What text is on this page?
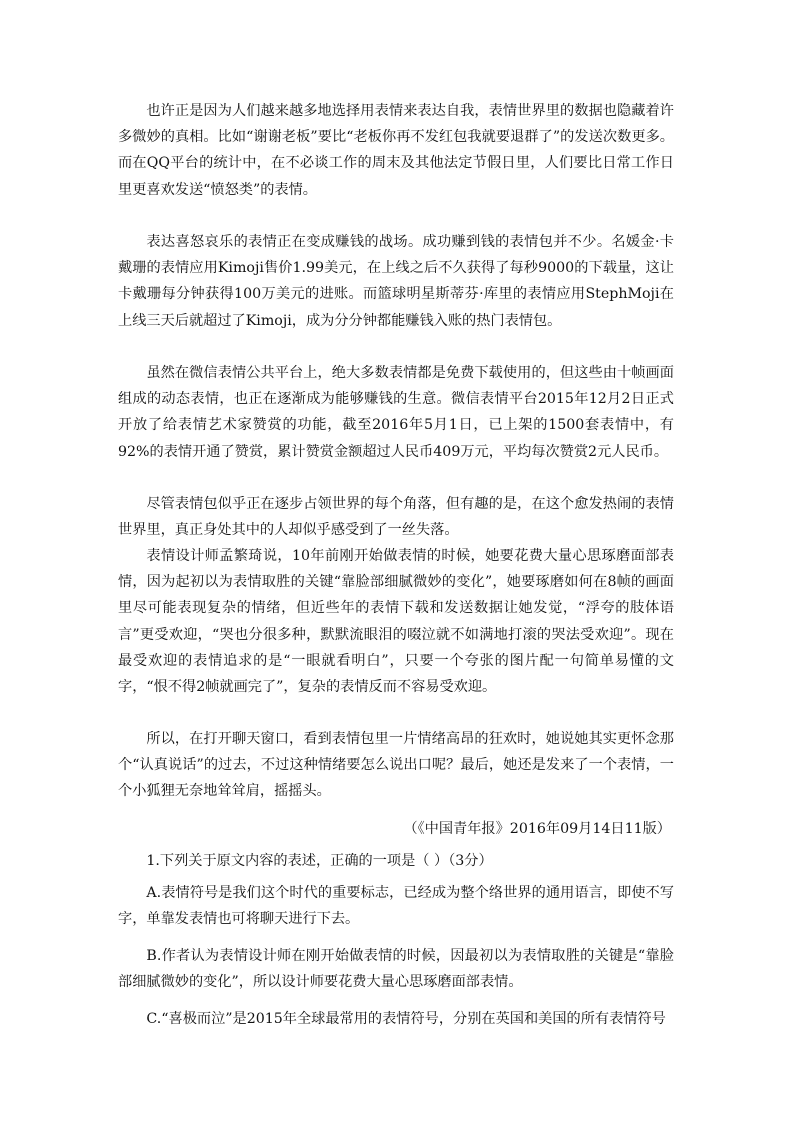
也许正是因为人们越来越多地选择用表情来表达自我，表情世界里的数据也隐藏着许多微妙的真相。比如“谢谢老板”要比“老板你再不发红包我就要退群了”的发送次数更多。而在QQ平台的统计中，在不必谈工作的周末及其他法定节假日里，人们要比日常工作日里更喜欢发送“愤怒类”的表情。

表达喜怒哀乐的表情正在变成赚钱的战场。成功赚到钱的表情包并不少。名媛金·卡戴珊的表情应用Kimoji售价1.99美元，在上线之后不久获得了每秒9000的下载量，这让卡戴珊每分钟获得100万美元的进账。而篮球明星斯蒂芬·库里的表情应用StephMoji在上线三天后就超过了Kimoji，成为分分钟都能赚钱入账的热门表情包。

虽然在微信表情公共平台上，绝大多数表情都是免费下载使用的，但这些由十帧画面组成的动态表情，也正在逐渐成为能够赚钱的生意。微信表情平台2015年12月2日正式开放了给表情艺术家赞赏的功能，截至2016年5月1日，已上架的1500套表情中，有92%的表情开通了赞赏，累计赞赏金额超过人民币409万元，平均每次赞赏2元人民币。

尽管表情包似乎正在逐步占领世界的每个角落，但有趣的是，在这个愈发热闹的表情世界里，真正身处其中的人却似乎感受到了一丝失落。

表情设计师孟繁琦说，10年前刚开始做表情的时候，她要花费大量心思琢磨面部表情，因为起初以为表情取胜的关键“靠脸部细腻微妙的变化”，她要琢磨如何在8帧的画面里尽可能表现复杂的情绪，但近些年的表情下载和发送数据让她发觉，“浮夸的肢体语言”更受欢迎，“哭也分很多种，默默流眼泪的啜泣就不如满地打滚的哭法受欢迎”。现在最受欢迎的表情追求的是“一眼就看明白”，只要一个夸张的图片配一句简单易懂的文字，“恨不得2帧就画完了”，复杂的表情反而不容易受欢迎。

所以，在打开聊天窗口，看到表情包里一片情绪高昂的狂欢时，她说她其实更怀念那个“认真说话”的过去，不过这种情绪要怎么说出口呢？最后，她还是发来了一个表情，一个小狐狸无奈地耸耸肩，摇摇头。

（《中国青年报》2016年09月14日11版）

1.下列关于原文内容的表述，正确的一项是（ ）（3分）

A.表情符号是我们这个时代的重要标志，已经成为整个络世界的通用语言，即使不写字，单靠发表情也可将聊天进行下去。

B.作者认为表情设计师在刚开始做表情的时候，因最初以为表情取胜的关键是“靠脸部细腻微妙的变化”，所以设计师要花费大量心思琢磨面部表情。

C.“喜极而泣”是2015年全球最常用的表情符号，分别在英国和美国的所有表情符号
